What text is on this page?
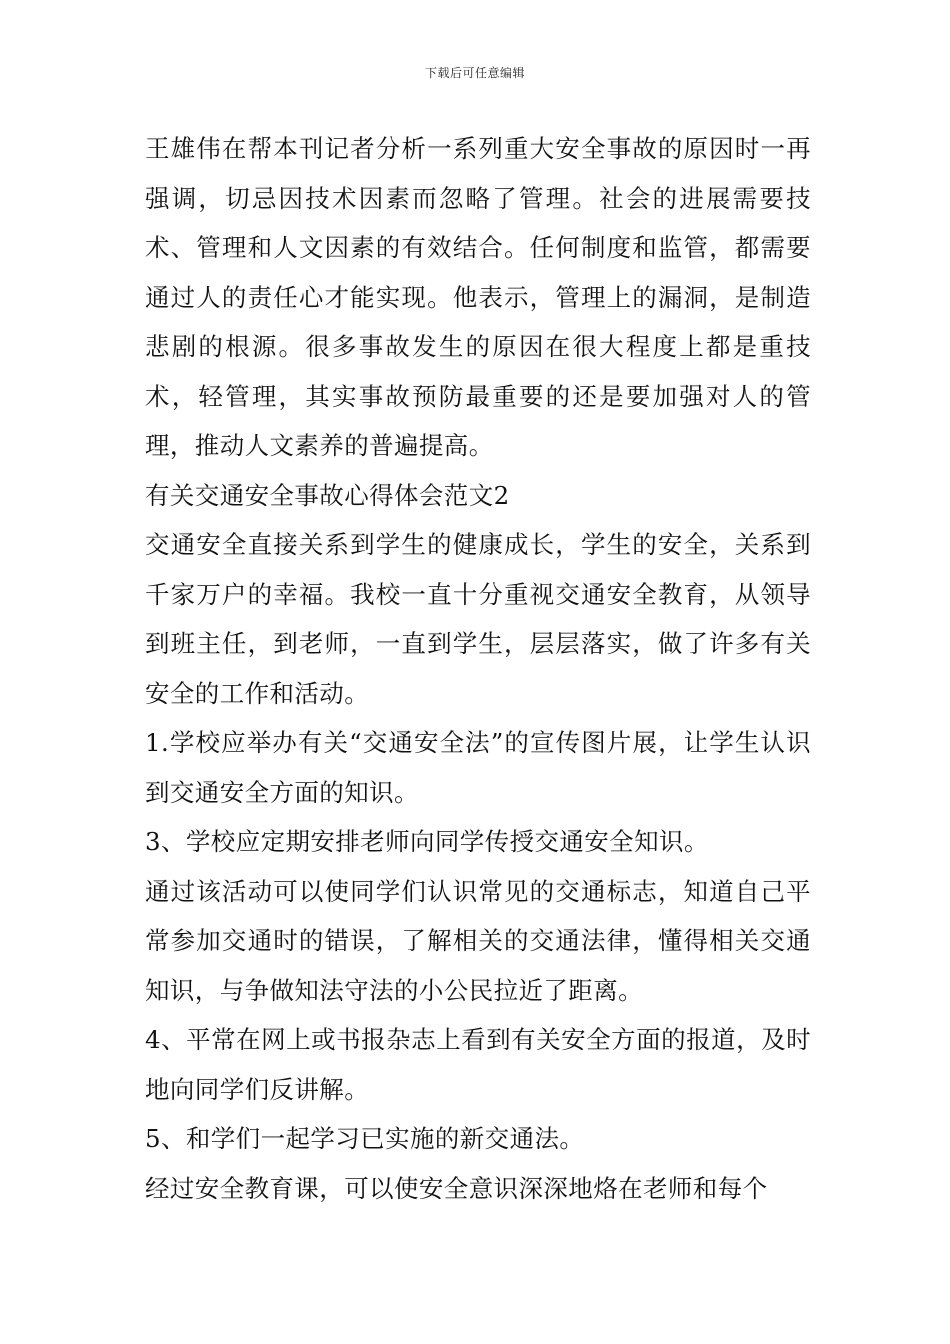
下载后可任意编辑

王雄伟在帮本刊记者分析一系列重大安全事故的原因时一再强调，切忌因技术因素而忽略了管理。社会的进展需要技术、管理和人文因素的有效结合。任何制度和监管，都需要通过人的责任心才能实现。他表示，管理上的漏洞，是制造悲剧的根源。很多事故发生的原因在很大程度上都是重技术，轻管理，其实事故预防最重要的还是要加强对人的管理，推动人文素养的普遍提高。

有关交通安全事故心得体会范文2

交通安全直接关系到学生的健康成长，学生的安全，关系到千家万户的幸福。我校一直十分重视交通安全教育，从领导到班主任，到老师，一直到学生，层层落实，做了许多有关安全的工作和活动。

1.学校应举办有关“交通安全法”的宣传图片展，让学生认识到交通安全方面的知识。

3、学校应定期安排老师向同学传授交通安全知识。

通过该活动可以使同学们认识常见的交通标志，知道自己平常参加交通时的错误，了解相关的交通法律，懂得相关交通知识，与争做知法守法的小公民拉近了距离。

4、平常在网上或书报杂志上看到有关安全方面的报道，及时地向同学们反讲解。

5、和学们一起学习已实施的新交通法。

经过安全教育课，可以使安全意识深深地烙在老师和每个
